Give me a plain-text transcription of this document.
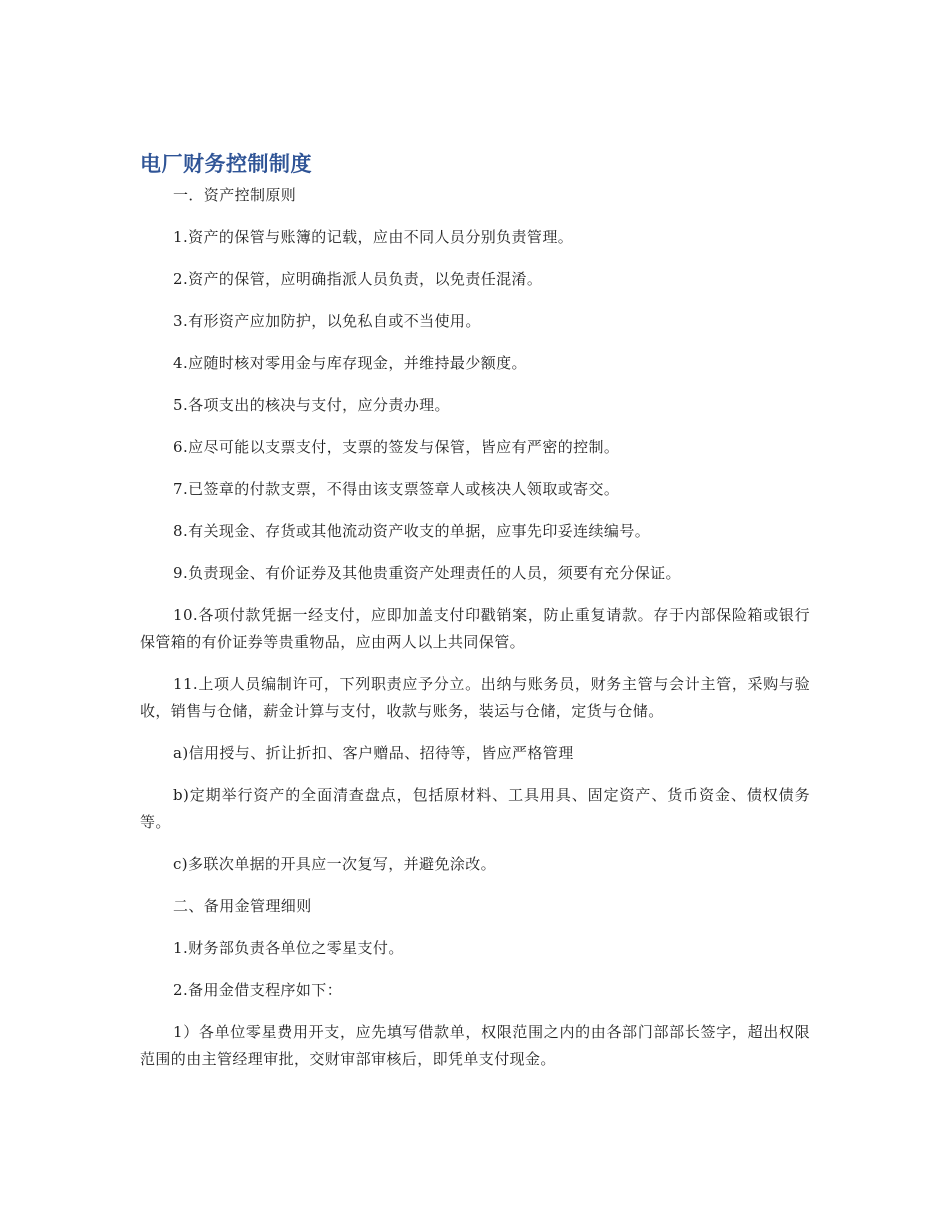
电厂财务控制制度

一．资产控制原则

1.资产的保管与账簿的记载，应由不同人员分别负责管理。

2.资产的保管，应明确指派人员负责，以免责任混淆。

3.有形资产应加防护，以免私自或不当使用。

4.应随时核对零用金与库存现金，并维持最少额度。

5.各项支出的核决与支付，应分责办理。

6.应尽可能以支票支付，支票的签发与保管，皆应有严密的控制。

7.已签章的付款支票，不得由该支票签章人或核决人领取或寄交。

8.有关现金、存货或其他流动资产收支的单据，应事先印妥连续编号。

9.负责现金、有价证券及其他贵重资产处理责任的人员，须要有充分保证。

10.各项付款凭据一经支付，应即加盖支付印戳销案，防止重复请款。存于内部保险箱或银行保管箱的有价证券等贵重物品，应由两人以上共同保管。

11.上项人员编制许可，下列职责应予分立。出纳与账务员，财务主管与会计主管，采购与验收，销售与仓储，薪金计算与支付，收款与账务，装运与仓储，定货与仓储。

a)信用授与、折让折扣、客户赠品、招待等，皆应严格管理

b)定期举行资产的全面清查盘点，包括原材料、工具用具、固定资产、货币资金、债权债务等。

c)多联次单据的开具应一次复写，并避免涂改。

二、备用金管理细则

1.财务部负责各单位之零星支付。

2.备用金借支程序如下：

1）各单位零星费用开支，应先填写借款单，权限范围之内的由各部门部部长签字，超出权限范围的由主管经理审批，交财审部审核后，即凭单支付现金。
